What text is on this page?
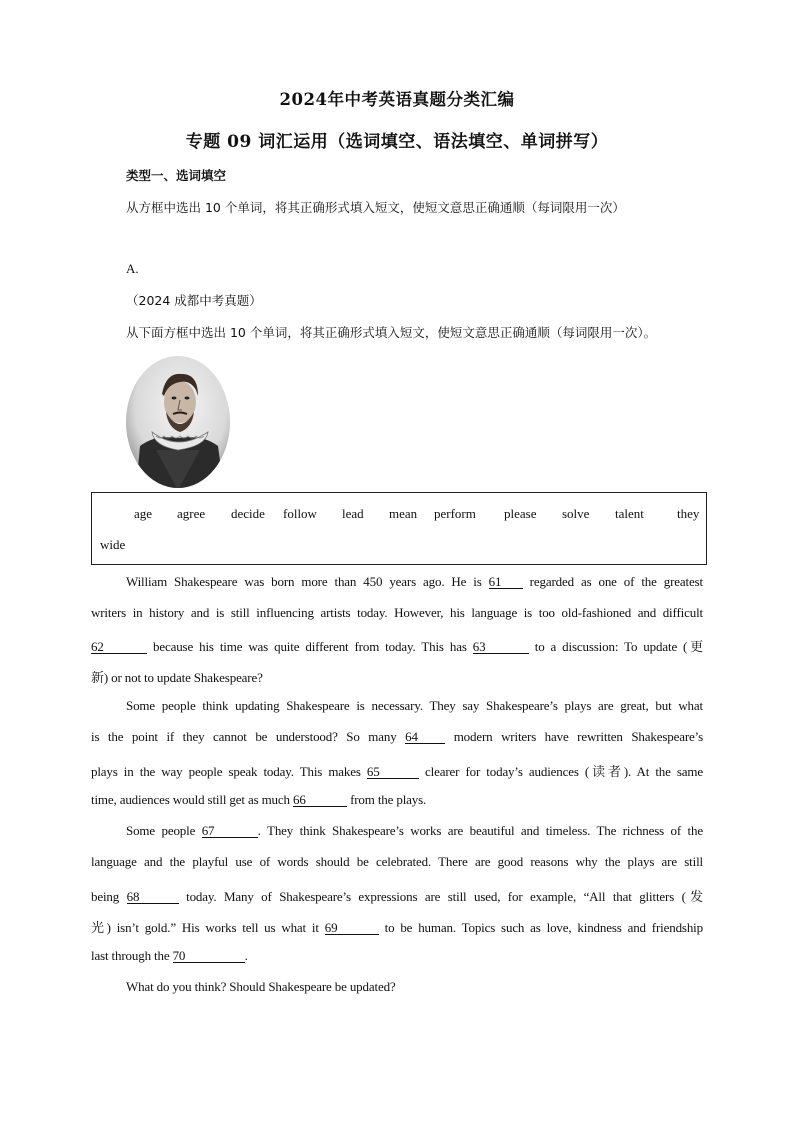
2024年中考英语真题分类汇编
专题 09 词汇运用（选词填空、语法填空、单词拼写）
类型一、选词填空
从方框中选出 10 个单词，将其正确形式填入短文，使短文意思正确通顺（每词限用一次）
A.
（2024 成都中考真题）
从下面方框中选出 10 个单词，将其正确形式填入短文，使短文意思正确通顺（每词限用一次）。
age agree decide follow lead mean perform please solve talent	they
wide
William Shakespeare was born more than 450 years ago. He is 61 regarded as one of the greatest
writers in history and is still influencing artists today. However, his language is too old-fashioned and difficult
62	because his time was quite different from today. This has 63	to a discussion: To update (更
新) or not to update Shakespeare?
Some people think updating Shakespeare is necessary. They say Shakespeare’s plays are great, but what
is the point if they cannot be understood? So many 64 modern writers have rewritten Shakespeare’s
plays in the way people speak today. This makes 65	clearer for today’s audiences (读者). At the same
time, audiences would still get as much 66	from the plays.
Some people 67	. They think Shakespeare’s works are beautiful and timeless. The richness of the
language and the playful use of words should be celebrated. There are good reasons why the plays are still
being 68	today. Many of Shakespeare’s expressions are still used, for example, “All that glitters (发
光) isn’t gold.” His works tell us what it 69	to be human. Topics such as love, kindness and friendship
last through the 70	.
What do you think? Should Shakespeare be updated?
